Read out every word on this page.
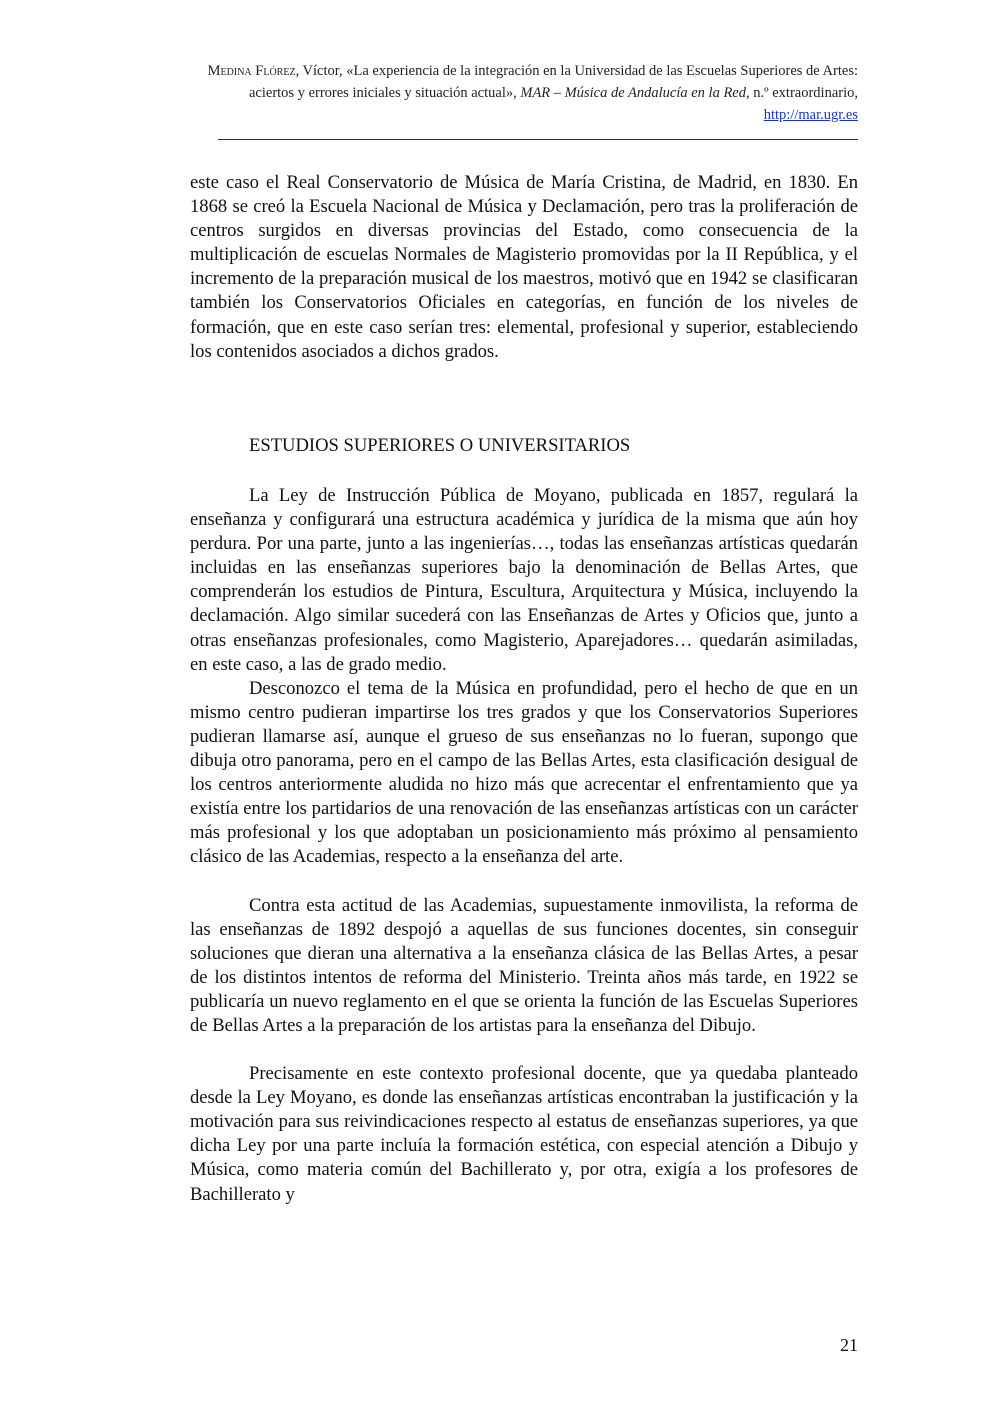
Medina Flórez, Víctor, «La experiencia de la integración en la Universidad de las Escuelas Superiores de Artes: aciertos y errores iniciales y situación actual», MAR – Música de Andalucía en la Red, n.º extraordinario, http://mar.ugr.es

este caso el Real Conservatorio de Música de María Cristina, de Madrid, en 1830. En 1868 se creó la Escuela Nacional de Música y Declamación, pero tras la proliferación de centros surgidos en diversas provincias del Estado, como consecuencia de la multiplicación de escuelas Normales de Magisterio promovidas por la II República, y el incremento de la preparación musical de los maestros, motivó que en 1942 se clasificaran también los Conservatorios Oficiales en categorías, en función de los niveles de formación, que en este caso serían tres: elemental, profesional y superior, estableciendo los contenidos asociados a dichos grados.

ESTUDIOS SUPERIORES O UNIVERSITARIOS

La Ley de Instrucción Pública de Moyano, publicada en 1857, regulará la enseñanza y configurará una estructura académica y jurídica de la misma que aún hoy perdura. Por una parte, junto a las ingenierías…, todas las enseñanzas artísticas quedarán incluidas en las enseñanzas superiores bajo la denominación de Bellas Artes, que comprenderán los estudios de Pintura, Escultura, Arquitectura y Música, incluyendo la declamación. Algo similar sucederá con las Enseñanzas de Artes y Oficios que, junto a otras enseñanzas profesionales, como Magisterio, Aparejadores… quedarán asimiladas, en este caso, a las de grado medio.

Desconozco el tema de la Música en profundidad, pero el hecho de que en un mismo centro pudieran impartirse los tres grados y que los Conservatorios Superiores pudieran llamarse así, aunque el grueso de sus enseñanzas no lo fueran, supongo que dibuja otro panorama, pero en el campo de las Bellas Artes, esta clasificación desigual de los centros anteriormente aludida no hizo más que acrecentar el enfrentamiento que ya existía entre los partidarios de una renovación de las enseñanzas artísticas con un carácter más profesional y los que adoptaban un posicionamiento más próximo al pensamiento clásico de las Academias, respecto a la enseñanza del arte.

Contra esta actitud de las Academias, supuestamente inmovilista, la reforma de las enseñanzas de 1892 despojó a aquellas de sus funciones docentes, sin conseguir soluciones que dieran una alternativa a la enseñanza clásica de las Bellas Artes, a pesar de los distintos intentos de reforma del Ministerio. Treinta años más tarde, en 1922 se publicaría un nuevo reglamento en el que se orienta la función de las Escuelas Superiores de Bellas Artes a la preparación de los artistas para la enseñanza del Dibujo.

Precisamente en este contexto profesional docente, que ya quedaba planteado desde la Ley Moyano, es donde las enseñanzas artísticas encontraban la justificación y la motivación para sus reivindicaciones respecto al estatus de enseñanzas superiores, ya que dicha Ley por una parte incluía la formación estética, con especial atención a Dibujo y Música, como materia común del Bachillerato y, por otra, exigía a los profesores de Bachillerato y

21
